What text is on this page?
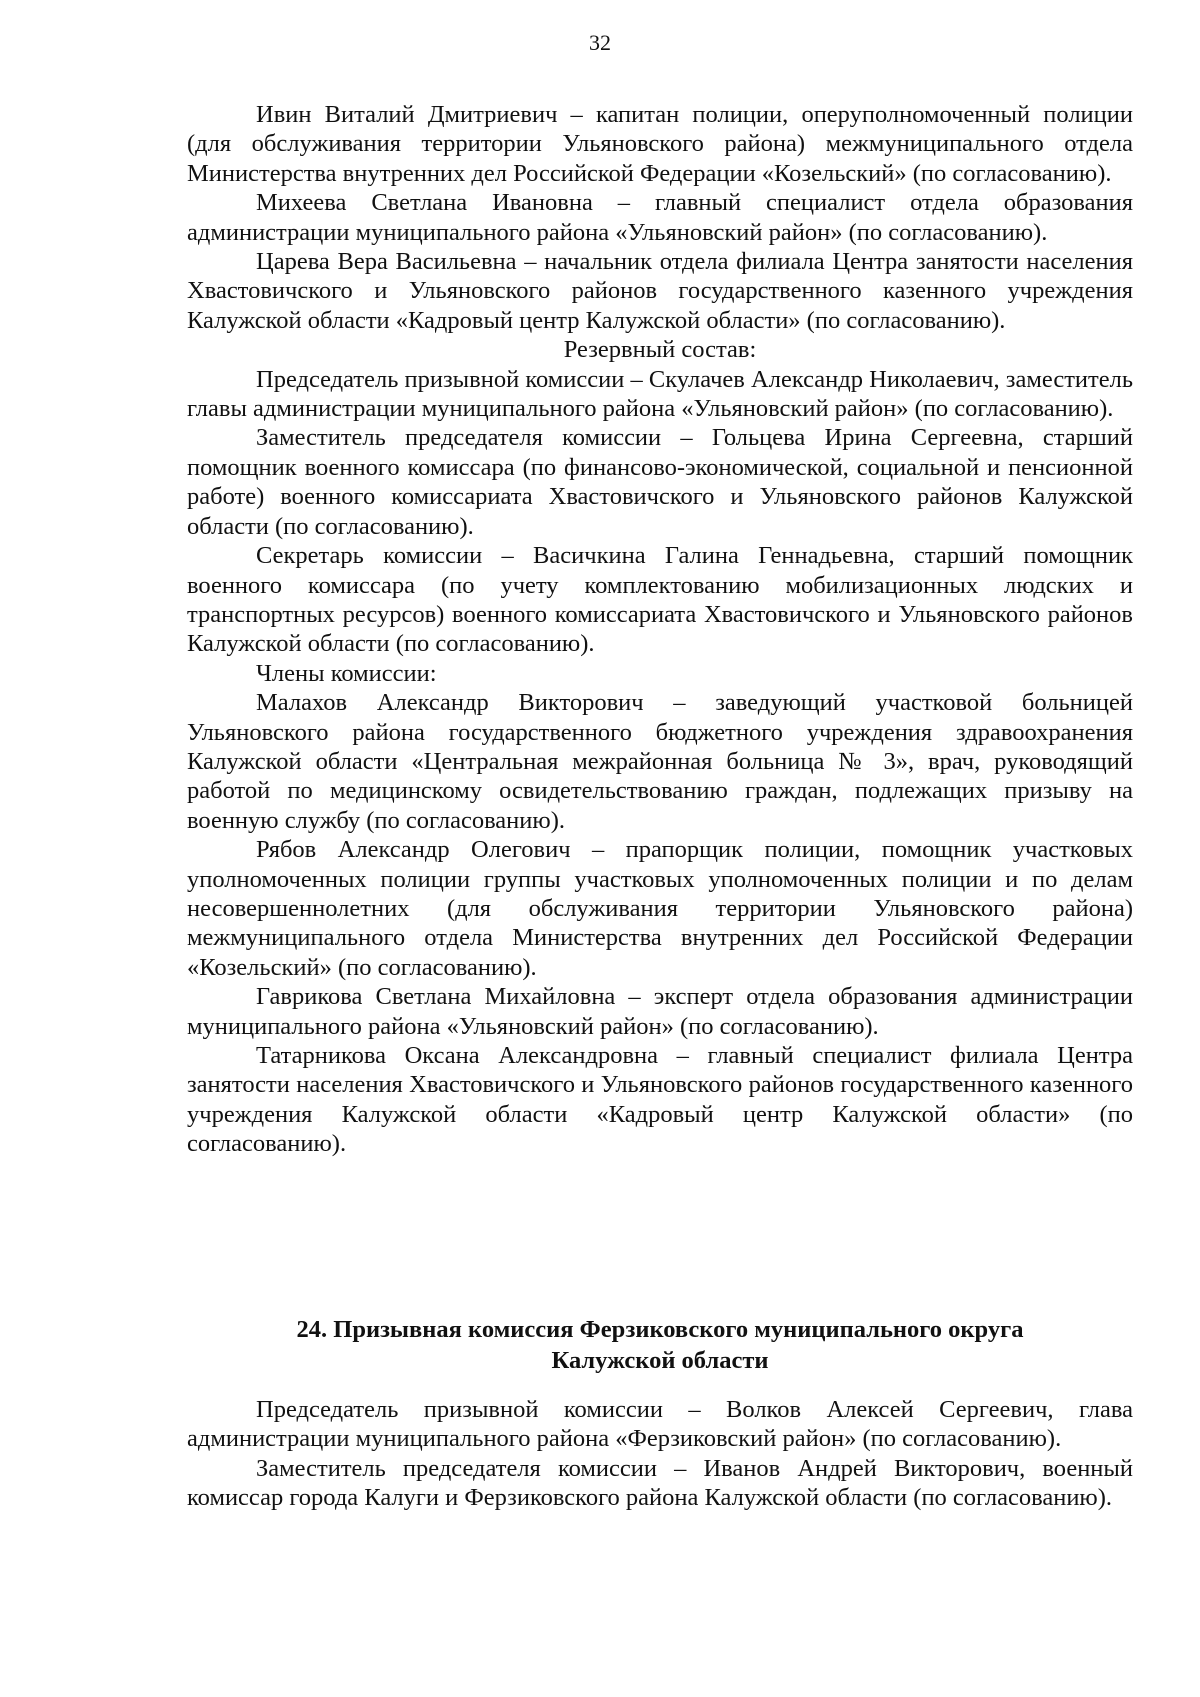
32

Ивин Виталий Дмитриевич – капитан полиции, оперуполномоченный полиции (для обслуживания территории Ульяновского района) межмуниципального отдела Министерства внутренних дел Российской Федерации «Козельский» (по согласованию).

Михеева Светлана Ивановна – главный специалист отдела образования администрации муниципального района «Ульяновский район» (по согласованию).

Царева Вера Васильевна – начальник отдела филиала Центра занятости населения Хвастовичского и Ульяновского районов государственного казенного учреждения Калужской области «Кадровый центр Калужской области» (по согласованию).

Резервный состав:

Председатель призывной комиссии – Скулачев Александр Николаевич, заместитель главы администрации муниципального района «Ульяновский район» (по согласованию).

Заместитель председателя комиссии – Гольцева Ирина Сергеевна, старший помощник военного комиссара (по финансово-экономической, социальной и пенсионной работе) военного комиссариата Хвастовичского и Ульяновского районов Калужской области (по согласованию).

Секретарь комиссии – Васичкина Галина Геннадьевна, старший помощник военного комиссара (по учету комплектованию мобилизационных людских и транспортных ресурсов) военного комиссариата Хвастовичского и Ульяновского районов Калужской области (по согласованию).

Члены комиссии:

Малахов Александр Викторович – заведующий участковой больницей Ульяновского района государственного бюджетного учреждения здравоохранения Калужской области «Центральная межрайонная больница № 3», врач, руководящий работой по медицинскому освидетельствованию граждан, подлежащих призыву на военную службу (по согласованию).

Рябов Александр Олегович – прапорщик полиции, помощник участковых уполномоченных полиции группы участковых уполномоченных полиции и по делам несовершеннолетних (для обслуживания территории Ульяновского района) межмуниципального отдела Министерства внутренних дел Российской Федерации «Козельский» (по согласованию).

Гаврикова Светлана Михайловна – эксперт отдела образования администрации муниципального района «Ульяновский район» (по согласованию).

Татарникова Оксана Александровна – главный специалист филиала Центра занятости населения Хвастовичского и Ульяновского районов государственного казенного учреждения Калужской области «Кадровый центр Калужской области» (по согласованию).

24. Призывная комиссия Ферзиковского муниципального округа
Калужской области

Председатель призывной комиссии – Волков Алексей Сергеевич, глава администрации муниципального района «Ферзиковский район» (по согласованию).

Заместитель председателя комиссии – Иванов Андрей Викторович, военный комиссар города Калуги и Ферзиковского района Калужской области (по согласованию).
